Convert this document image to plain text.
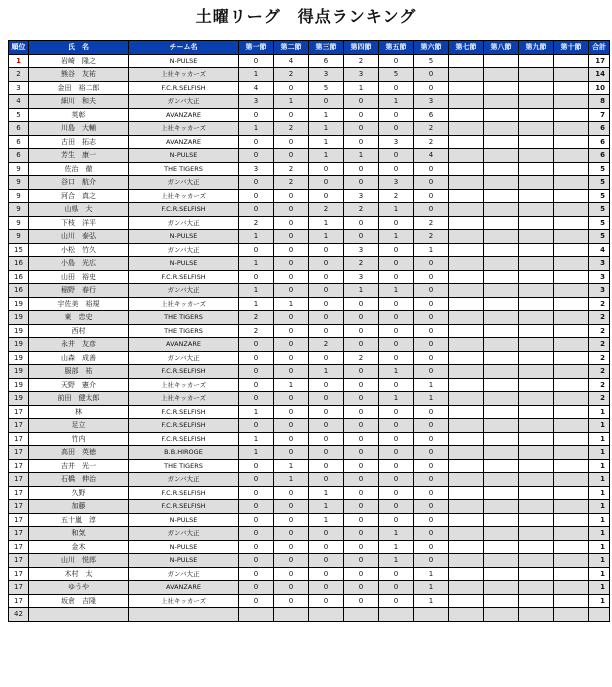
土曜リーグ　得点ランキング
順位	氏　名	チーム名	第一節	第二節	第三節	第四節	第五節	第六節	第七節	第八節	第九節	第十節	合計
1	岩崎　隆之	N-PULSE	0	4	6	2	0	5					17
2	熊谷　友祐	上社キッカーズ	1	2	3	3	5	0					14
3	金田　裕二郎	F.C.R.SELFISH	4	0	5	1	0	0					10
4	細川　和夫	ガンバ大正	3	1	0	0	1	3					8
5	英彰	AVANZARE	0	0	1	0	0	6					7
6	川島　大輔	上社キッカーズ	1	2	1	0	0	2					6
6	古田　拓志	AVANZARE	0	0	1	0	3	2					6
6	芳生　康一	N-PULSE	0	0	1	1	0	4					6
9	佐治　徹	THE TIGERS	3	2	0	0	0	0					5
9	谷口　航介	ガンバ大正	0	2	0	0	3	0					5
9	河合　真之	上社キッカーズ	0	0	0	3	2	0					5
9	山県　大	F.C.R.SELFISH	0	0	2	2	1	0					5
9	下枝　洋平	ガンバ大正	2	0	1	0	0	2					5
9	山川　泰弘	N-PULSE	1	0	1	0	1	2					5
15	小松　竹久	ガンバ大正	0	0	0	3	0	1					4
16	小島　光広	N-PULSE	1	0	0	2	0	0					3
16	山田　裕史	F.C.R.SELFISH	0	0	0	3	0	0					3
16	稲野　春行	ガンバ大正	1	0	0	1	1	0					3
19	宇佐美　裕規	上社キッカーズ	1	1	0	0	0	0					2
19	東　忠史	THE TIGERS	2	0	0	0	0	0					2
19	西村	THE TIGERS	2	0	0	0	0	0					2
19	永井　友彦	AVANZARE	0	0	2	0	0	0					2
19	山森　成善	ガンバ大正	0	0	0	2	0	0					2
19	服部　祐	F.C.R.SELFISH	0	0	1	0	1	0					2
19	天野　憲介	上社キッカーズ	0	1	0	0	0	1					2
19	前田　健太郎	上社キッカーズ	0	0	0	0	1	1					2
17	林	F.C.R.SELFISH	1	0	0	0	0	0					1
17	足立	F.C.R.SELFISH	0	0	0	0	0	0					1
17	竹内	F.C.R.SELFISH	1	0	0	0	0	0					1
17	高田　英徳	B.B.HIROGE	1	0	0	0	0	0					1
17	吉井　光一	THE TIGERS	0	1	0	0	0	0					1
17	石橋　伸治	ガンバ大正	0	1	0	0	0	0					1
17	久野	F.C.R.SELFISH	0	0	1	0	0	0					1
17	加藤	F.C.R.SELFISH	0	0	1	0	0	0					1
17	五十嵐　淳	N-PULSE	0	0	1	0	0	0					1
17	和気	ガンバ大正	0	0	0	0	1	0					1
17	金木	N-PULSE	0	0	0	0	1	0					1
17	山川　悦郎	N-PULSE	0	0	0	0	1	0					1
17	木村　太	ガンバ大正	0	0	0	0	0	1					1
17	ゆうや	AVANZARE	0	0	0	0	0	1					1
17	坂倉　吉隆	上社キッカーズ	0	0	0	0	0	1					1
42													
